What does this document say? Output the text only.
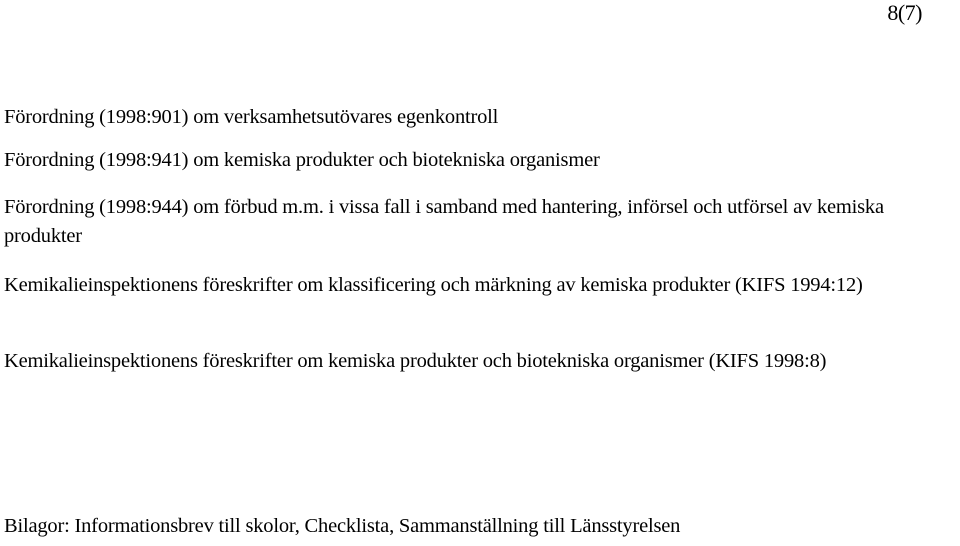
8(7)

Förordning (1998:901) om verksamhetsutövares egenkontroll

Förordning (1998:941) om kemiska produkter och biotekniska organismer

Förordning (1998:944) om förbud m.m. i vissa fall i samband med hantering, införsel och utförsel av kemiska produkter

Kemikalieinspektionens föreskrifter om klassificering och märkning av kemiska produkter (KIFS 1994:12)

Kemikalieinspektionens föreskrifter om kemiska produkter och biotekniska organismer (KIFS 1998:8)

Bilagor: Informationsbrev till skolor, Checklista, Sammanställning till Länsstyrelsen
